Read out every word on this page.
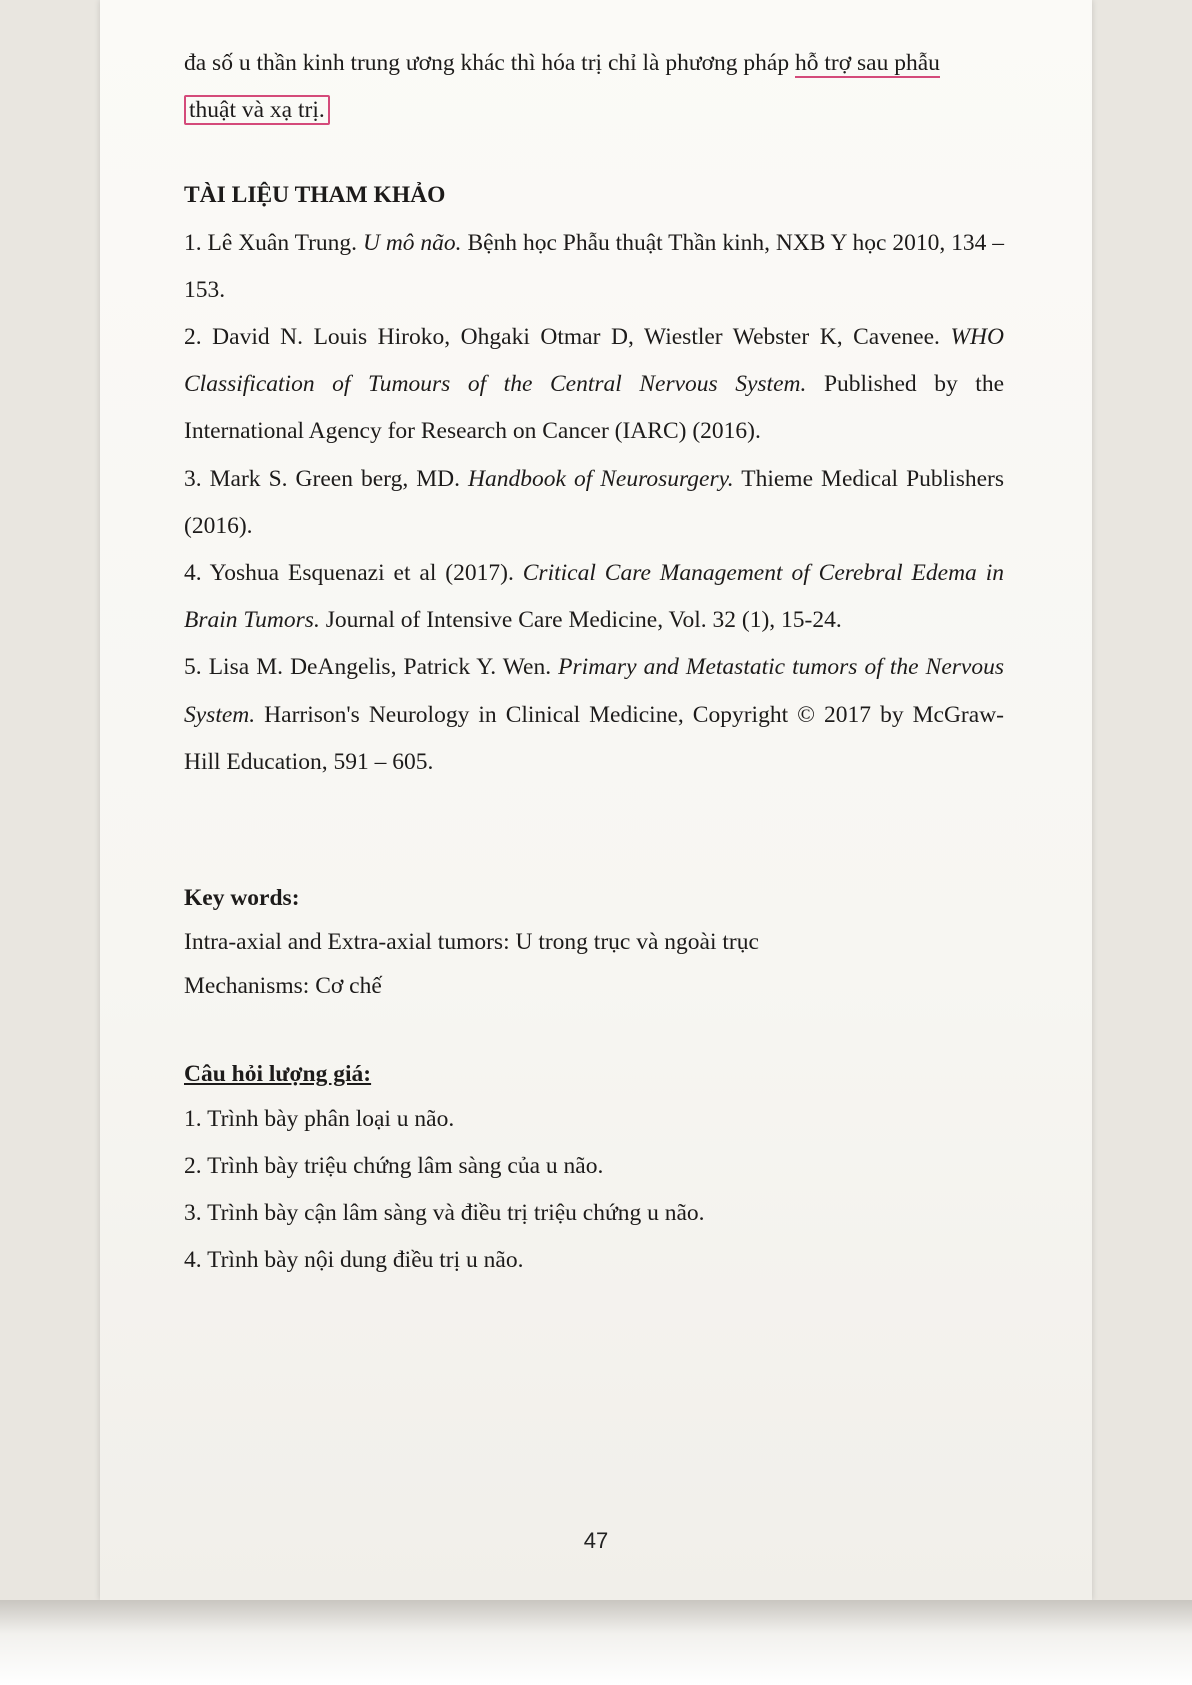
đa số u thần kinh trung ương khác thì hóa trị chỉ là phương pháp hỗ trợ sau phẫu
thuật và xạ trị.

TÀI LIỆU THAM KHẢO

1. Lê Xuân Trung. U mô não. Bệnh học Phẫu thuật Thần kinh, NXB Y học 2010, 134 – 153.

2. David N. Louis Hiroko, Ohgaki Otmar D, Wiestler Webster K, Cavenee. WHO Classification of Tumours of the Central Nervous System. Published by the International Agency for Research on Cancer (IARC) (2016).

3. Mark S. Green berg, MD. Handbook of Neurosurgery. Thieme Medical Publishers (2016).

4. Yoshua Esquenazi et al (2017). Critical Care Management of Cerebral Edema in Brain Tumors. Journal of Intensive Care Medicine, Vol. 32 (1), 15-24.

5. Lisa M. DeAngelis, Patrick Y. Wen. Primary and Metastatic tumors of the Nervous System. Harrison's Neurology in Clinical Medicine, Copyright © 2017 by McGraw-Hill Education, 591 – 605.

Key words:

Intra-axial and Extra-axial tumors: U trong trục và ngoài trục

Mechanisms: Cơ chế

Câu hỏi lượng giá:

1. Trình bày phân loại u não.

2. Trình bày triệu chứng lâm sàng của u não.

3. Trình bày cận lâm sàng và điều trị triệu chứng u não.

4. Trình bày nội dung điều trị u não.

47
